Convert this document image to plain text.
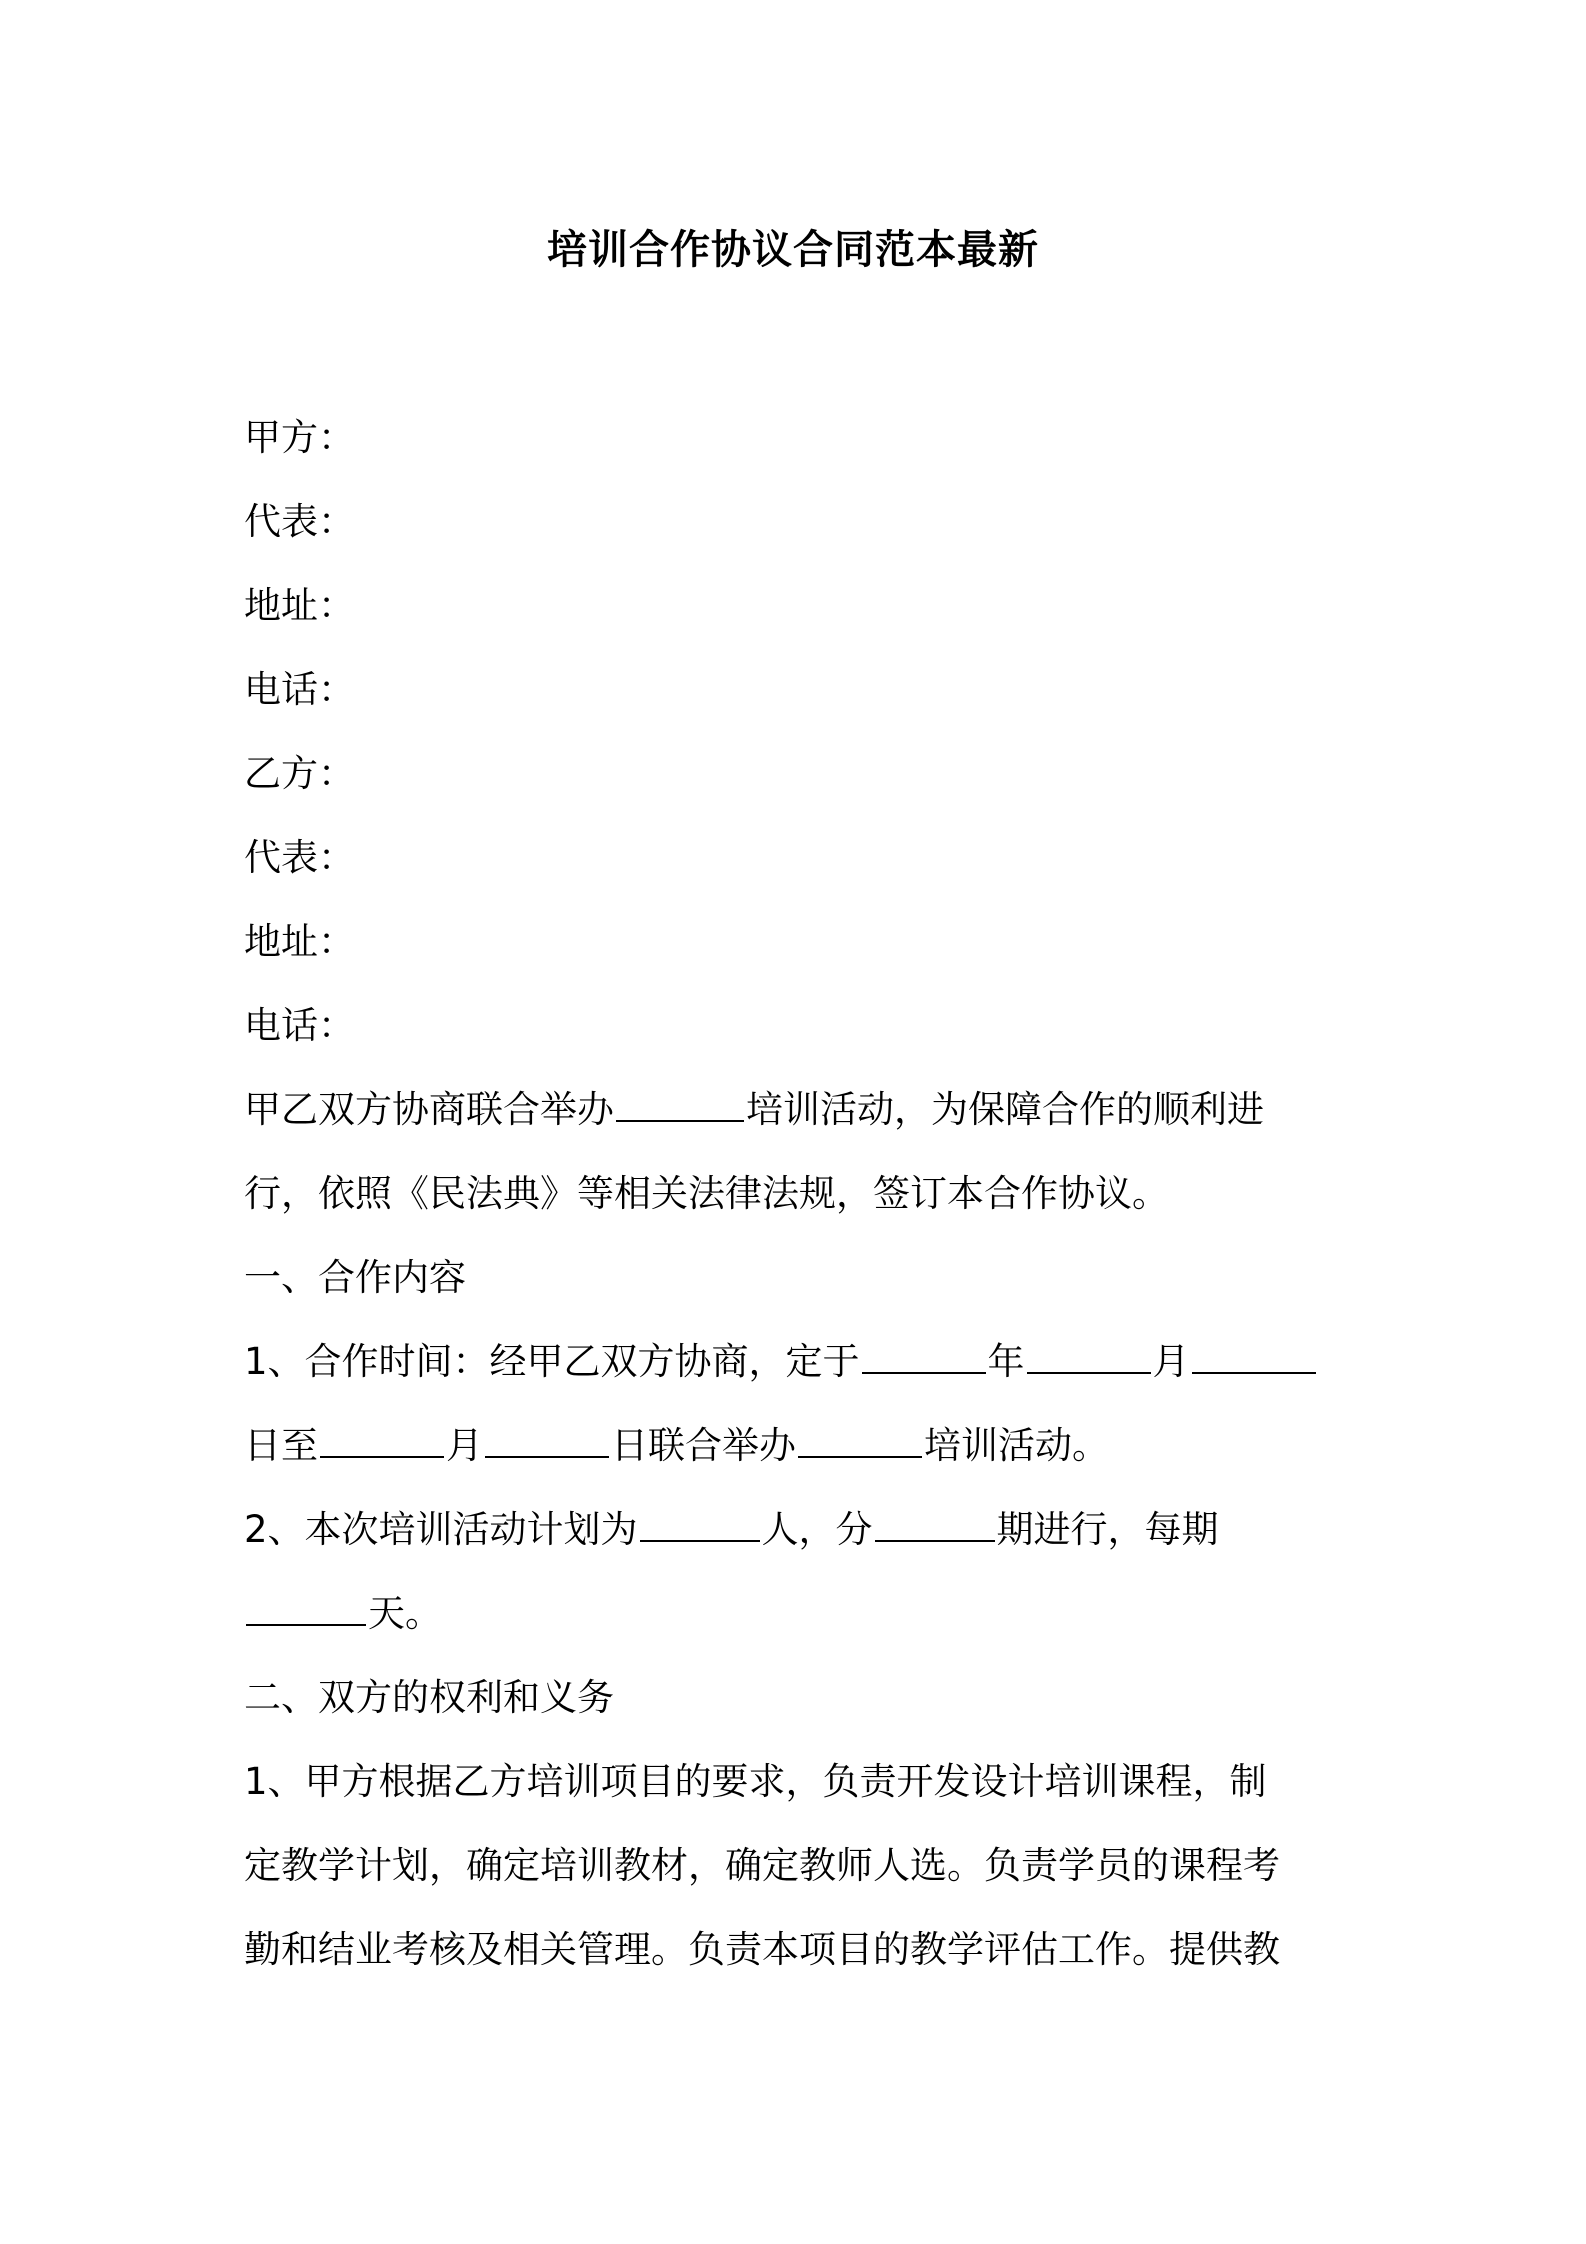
培训合作协议合同范本最新
甲方：
代表：
地址：
电话：
乙方：
代表：
地址：
电话：
甲乙双方协商联合举办	培训活动，为保障合作的顺利进
行，依照《民法典》等相关法律法规，签订本合作协议。
一、合作内容
1、合作时间：经甲乙双方协商，定于	年	月
日至	月	日联合举办	培训活动。
2、本次培训活动计划为	人，分	期进行，每期
天。
二、双方的权利和义务
1、甲方根据乙方培训项目的要求，负责开发设计培训课程，制
定教学计划，确定培训教材，确定教师人选。负责学员的课程考
勤和结业考核及相关管理。负责本项目的教学评估工作。提供教
